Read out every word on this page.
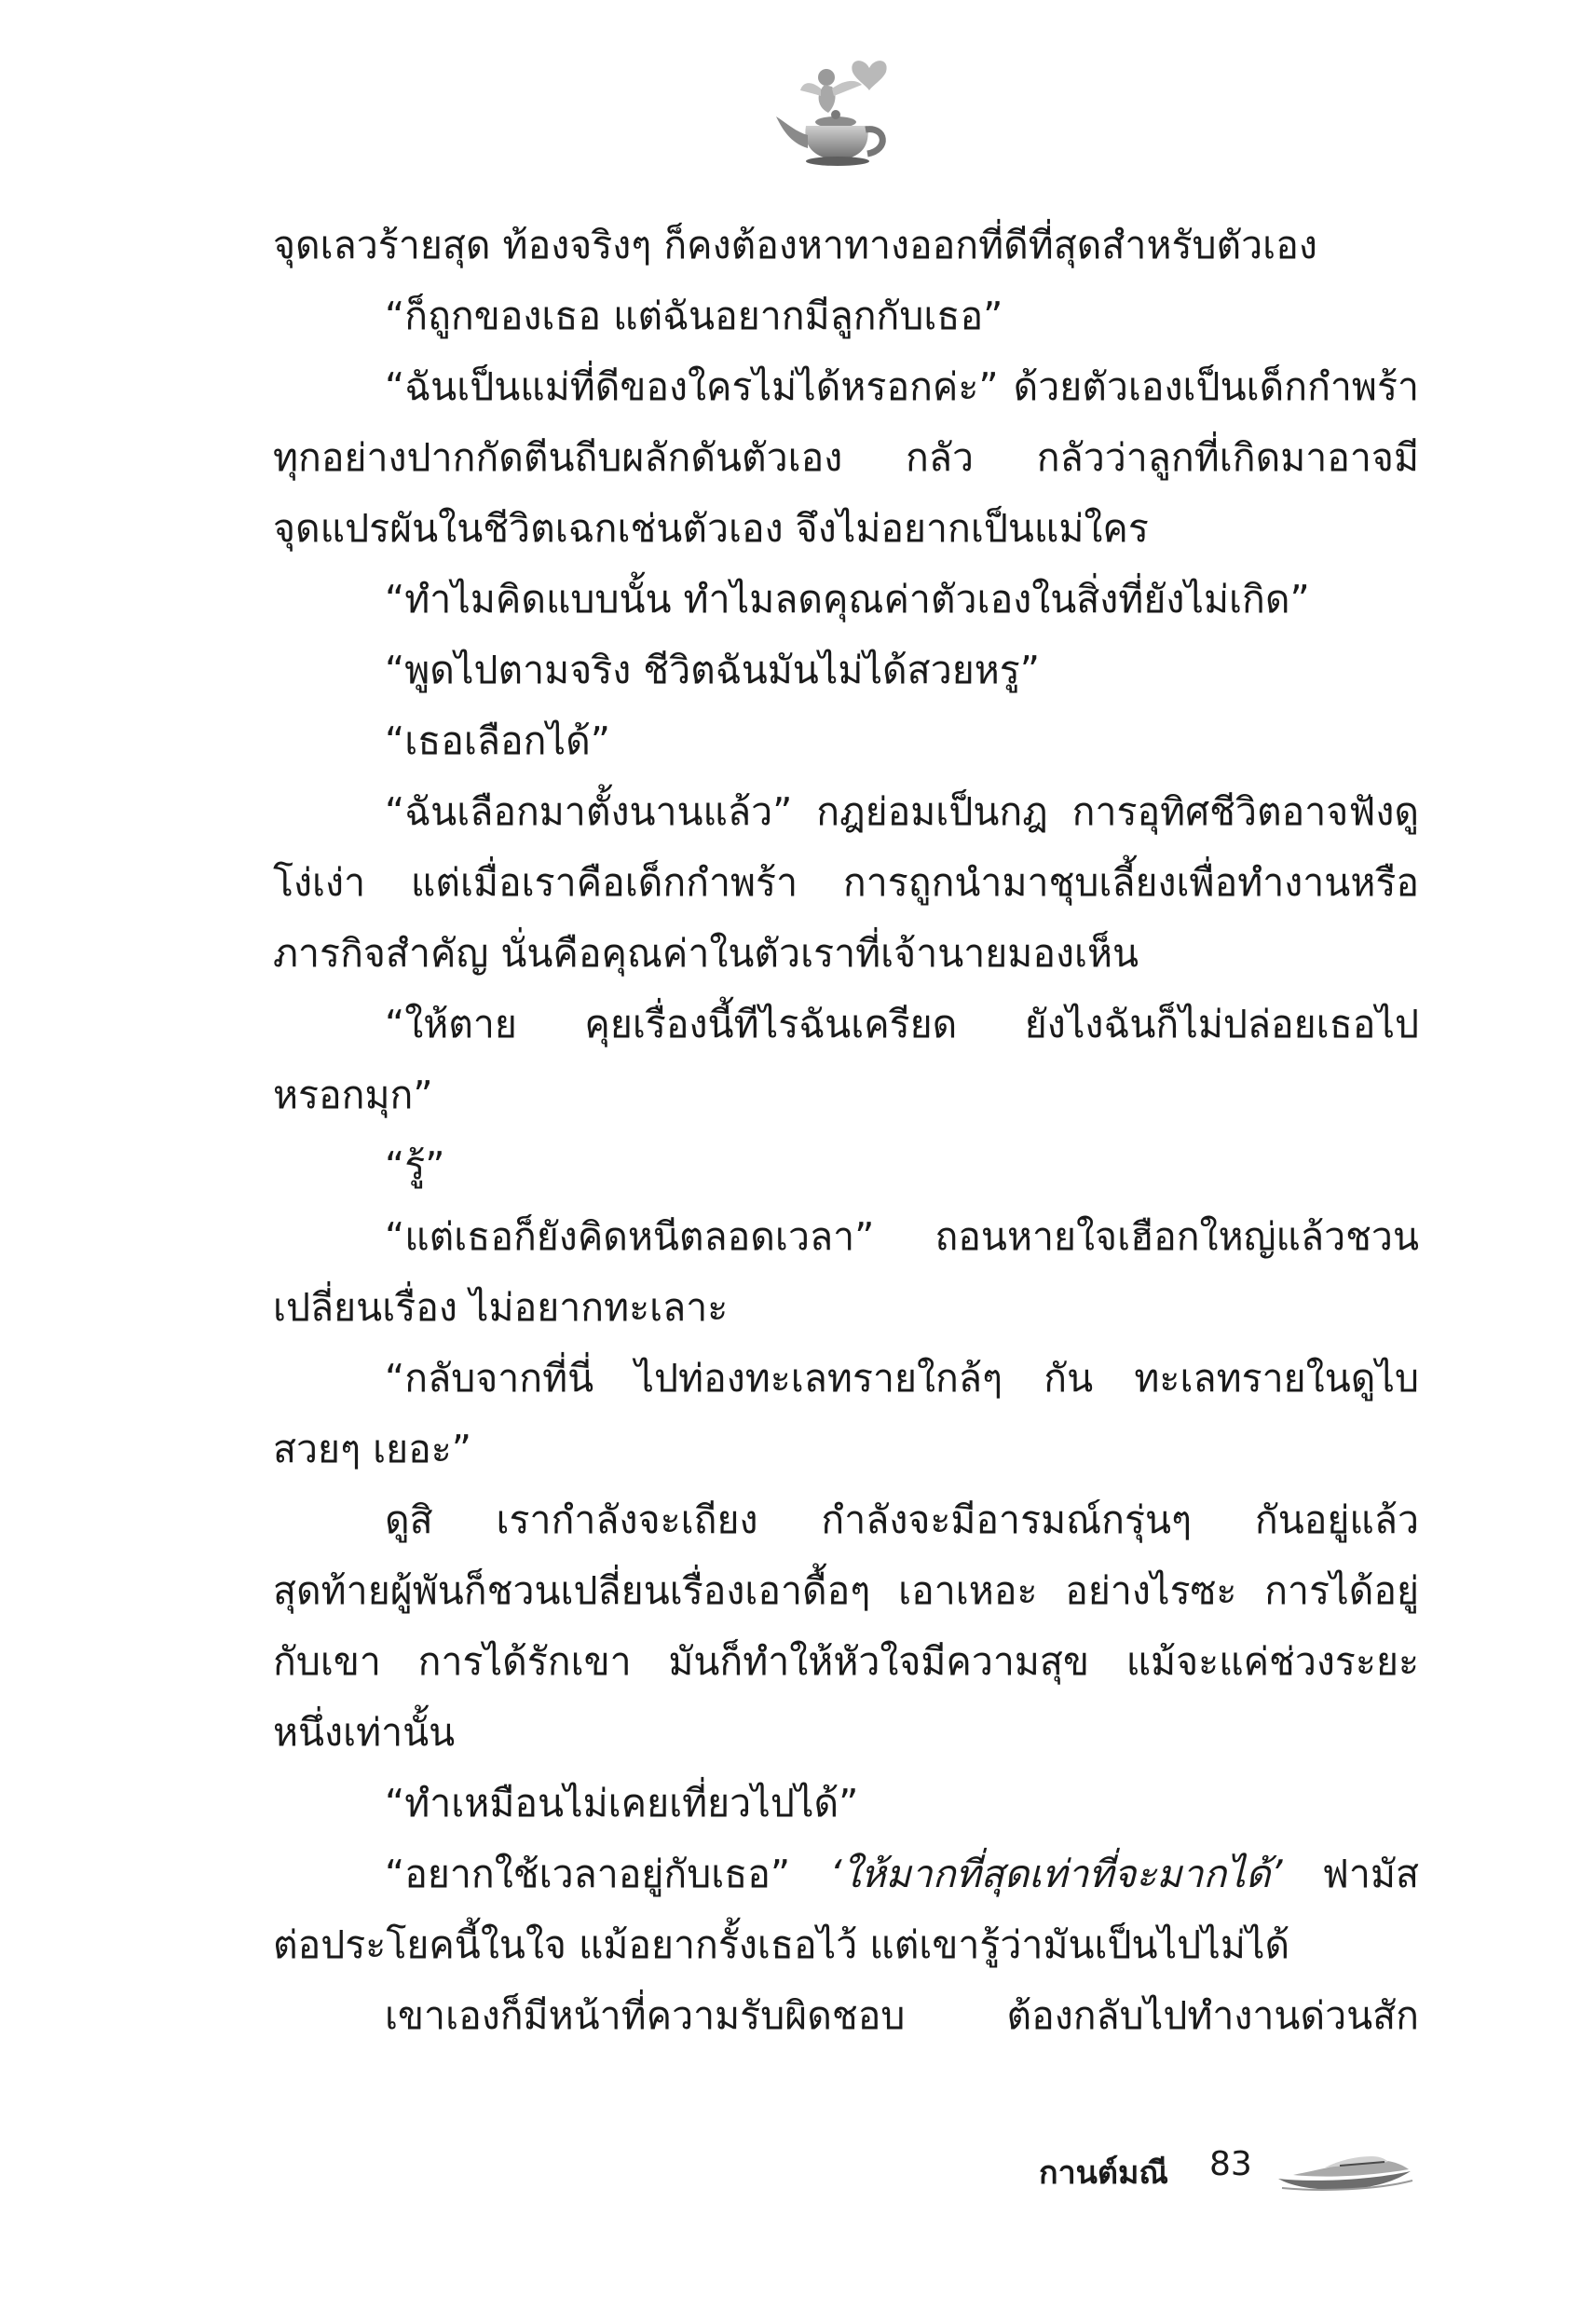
จุดเลวร้ายสุด ท้องจริงๆ ก็คงต้องหาทางออกที่ดีที่สุดสำหรับตัวเอง
“ก็ถูกของเธอ แต่ฉันอยากมีลูกกับเธอ”
“ฉันเป็นแม่ที่ดีของใครไม่ได้หรอกค่ะ” ด้วยตัวเองเป็นเด็กกำพร้า
ทุกอย่างปากกัดตีนถีบผลักดันตัวเอง กลัว กลัวว่าลูกที่เกิดมาอาจมี
จุดแปรผันในชีวิตเฉกเช่นตัวเอง จึงไม่อยากเป็นแม่ใคร
“ทำไมคิดแบบนั้น ทำไมลดคุณค่าตัวเองในสิ่งที่ยังไม่เกิด”
“พูดไปตามจริง ชีวิตฉันมันไม่ได้สวยหรู”
“เธอเลือกได้”
“ฉันเลือกมาตั้งนานแล้ว” กฎย่อมเป็นกฎ การอุทิศชีวิตอาจฟังดู
โง่เง่า แต่เมื่อเราคือเด็กกำพร้า การถูกนำมาชุบเลี้ยงเพื่อทำงานหรือ
ภารกิจสำคัญ นั่นคือคุณค่าในตัวเราที่เจ้านายมองเห็น
“ให้ตาย คุยเรื่องนี้ทีไรฉันเครียด ยังไงฉันก็ไม่ปล่อยเธอไป
หรอกมุก”
“รู้”
“แต่เธอก็ยังคิดหนีตลอดเวลา” ถอนหายใจเฮือกใหญ่แล้วชวน
เปลี่ยนเรื่อง ไม่อยากทะเลาะ
“กลับจากที่นี่ ไปท่องทะเลทรายใกล้ๆ กัน ทะเลทรายในดูไบ
สวยๆ เยอะ”
ดูสิ เรากำลังจะเถียง กำลังจะมีอารมณ์กรุ่นๆ กันอยู่แล้ว
สุดท้ายผู้พันก็ชวนเปลี่ยนเรื่องเอาดื้อๆ เอาเหอะ อย่างไรซะ การได้อยู่
กับเขา การได้รักเขา มันก็ทำให้หัวใจมีความสุข แม้จะแค่ช่วงระยะ
หนึ่งเท่านั้น
“ทำเหมือนไม่เคยเที่ยวไปได้”
“อยากใช้เวลาอยู่กับเธอ” ‘ให้มากที่สุดเท่าที่จะมากได้’ ฟามัส
ต่อประโยคนี้ในใจ แม้อยากรั้งเธอไว้ แต่เขารู้ว่ามันเป็นไปไม่ได้
เขาเองก็มีหน้าที่ความรับผิดชอบ ต้องกลับไปทำงานด่วนสัก
กานต์มณี 83
